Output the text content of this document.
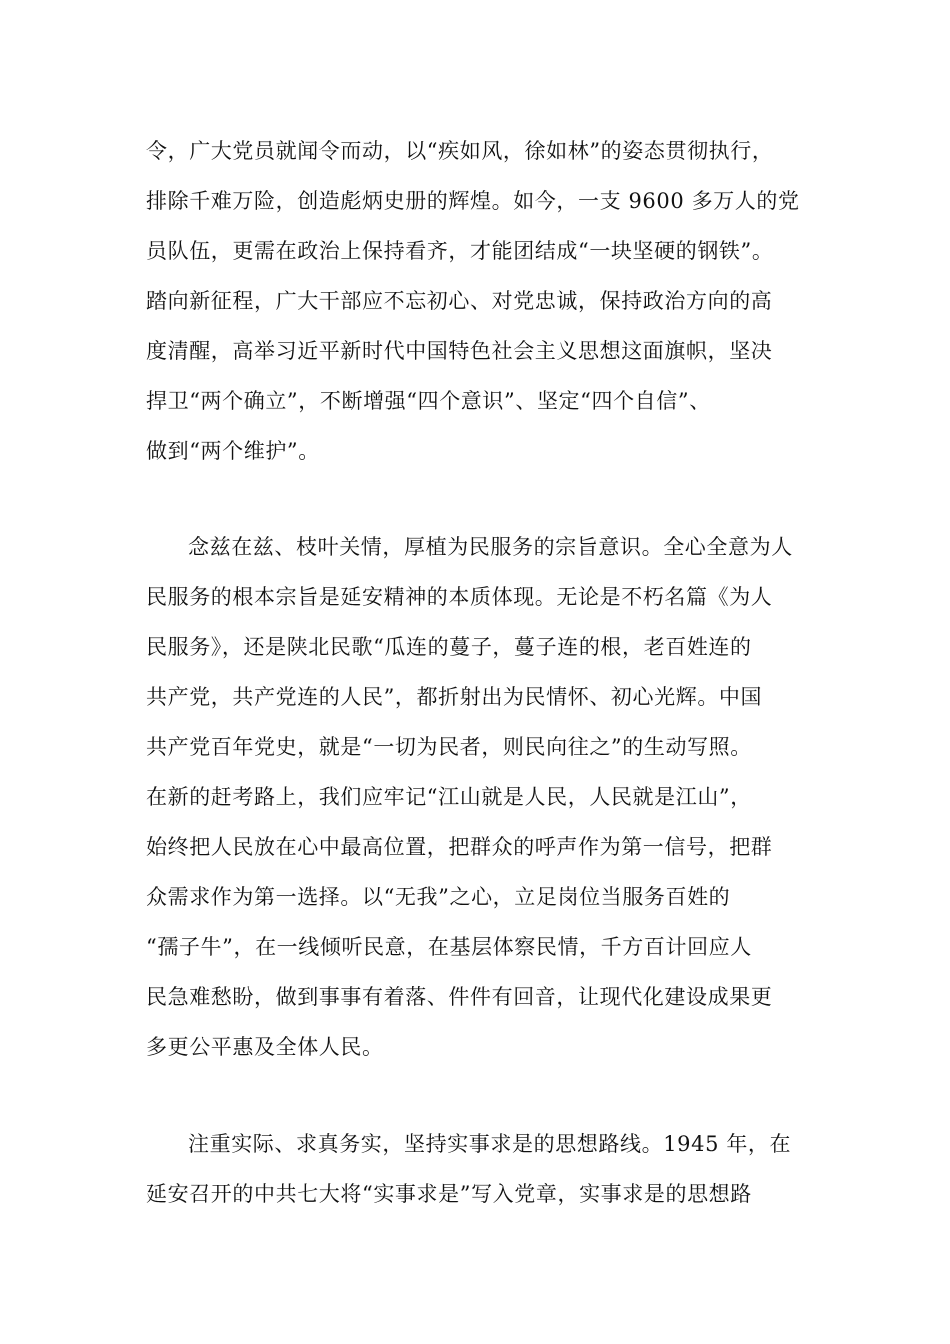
令，广大党员就闻令而动，以“疾如风，徐如林”的姿态贯彻执行，
排除千难万险，创造彪炳史册的辉煌。如今，一支 9600 多万人的党
员队伍，更需在政治上保持看齐，才能团结成“一块坚硬的钢铁”。
踏向新征程，广大干部应不忘初心、对党忠诚，保持政治方向的高
度清醒，高举习近平新时代中国特色社会主义思想这面旗帜，坚决
捍卫“两个确立”，不断增强“四个意识”、坚定“四个自信”、
做到“两个维护”。
念兹在兹、枝叶关情，厚植为民服务的宗旨意识。全心全意为人
民服务的根本宗旨是延安精神的本质体现。无论是不朽名篇《为人
民服务》，还是陕北民歌“瓜连的蔓子，蔓子连的根，老百姓连的
共产党，共产党连的人民”，都折射出为民情怀、初心光辉。中国
共产党百年党史，就是“一切为民者，则民向往之”的生动写照。
在新的赶考路上，我们应牢记“江山就是人民，人民就是江山”，
始终把人民放在心中最高位置，把群众的呼声作为第一信号，把群
众需求作为第一选择。以“无我”之心，立足岗位当服务百姓的
“孺子牛”，在一线倾听民意，在基层体察民情，千方百计回应人
民急难愁盼，做到事事有着落、件件有回音，让现代化建设成果更
多更公平惠及全体人民。
注重实际、求真务实，坚持实事求是的思想路线。1945 年，在
延安召开的中共七大将“实事求是”写入党章，实事求是的思想路
